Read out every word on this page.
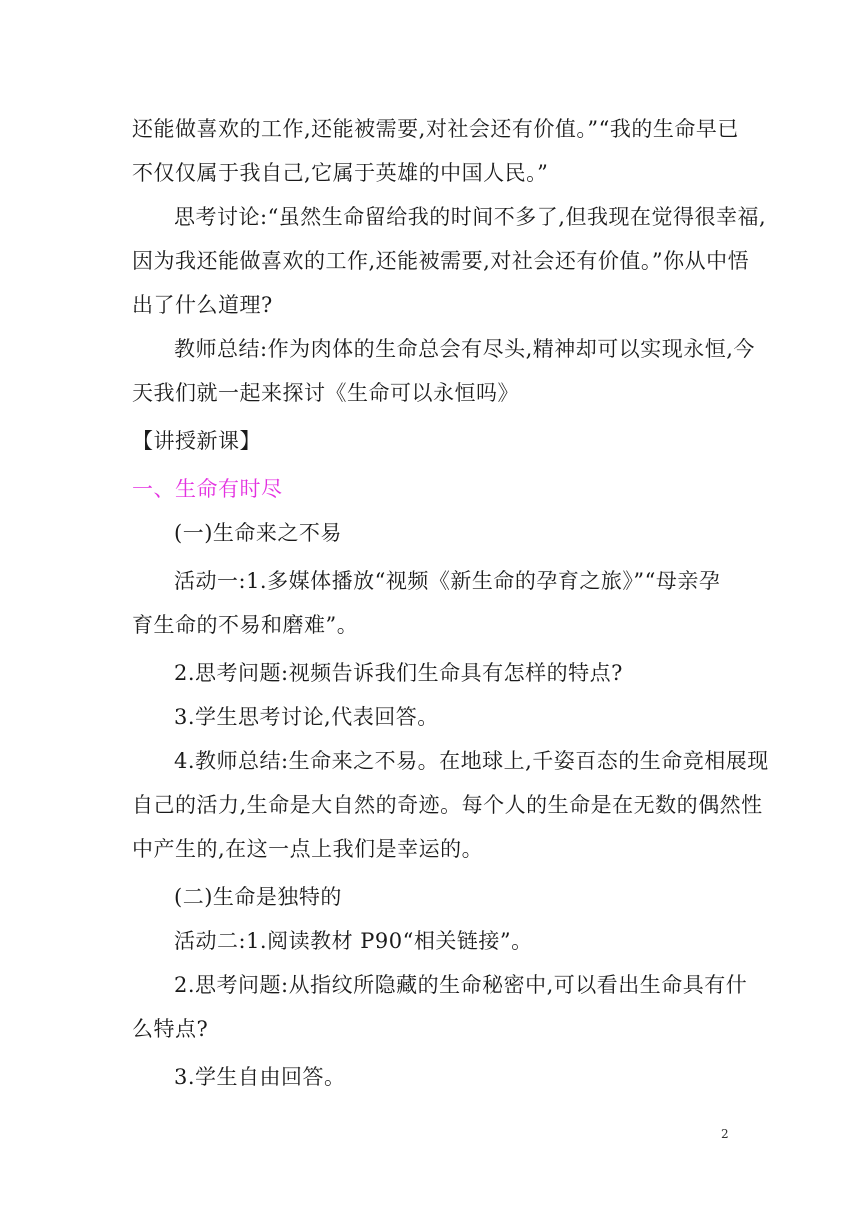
还能做喜欢的工作,还能被需要,对社会还有价值。”“我的生命早已
不仅仅属于我自己,它属于英雄的中国人民。”
思考讨论:“虽然生命留给我的时间不多了,但我现在觉得很幸福,
因为我还能做喜欢的工作,还能被需要,对社会还有价值。”你从中悟
出了什么道理?
教师总结:作为肉体的生命总会有尽头,精神却可以实现永恒,今
天我们就一起来探讨《生命可以永恒吗》
【讲授新课】
一、生命有时尽
(一)生命来之不易
活动一:1.多媒体播放“视频《新生命的孕育之旅》”“母亲孕
育生命的不易和磨难”。
2.思考问题:视频告诉我们生命具有怎样的特点?
3.学生思考讨论,代表回答。
4.教师总结:生命来之不易。在地球上,千姿百态的生命竞相展现
自己的活力,生命是大自然的奇迹。每个人的生命是在无数的偶然性
中产生的,在这一点上我们是幸运的。
(二)生命是独特的
活动二:1.阅读教材 P90“相关链接”。
2.思考问题:从指纹所隐藏的生命秘密中,可以看出生命具有什
么特点?
3.学生自由回答。
2
